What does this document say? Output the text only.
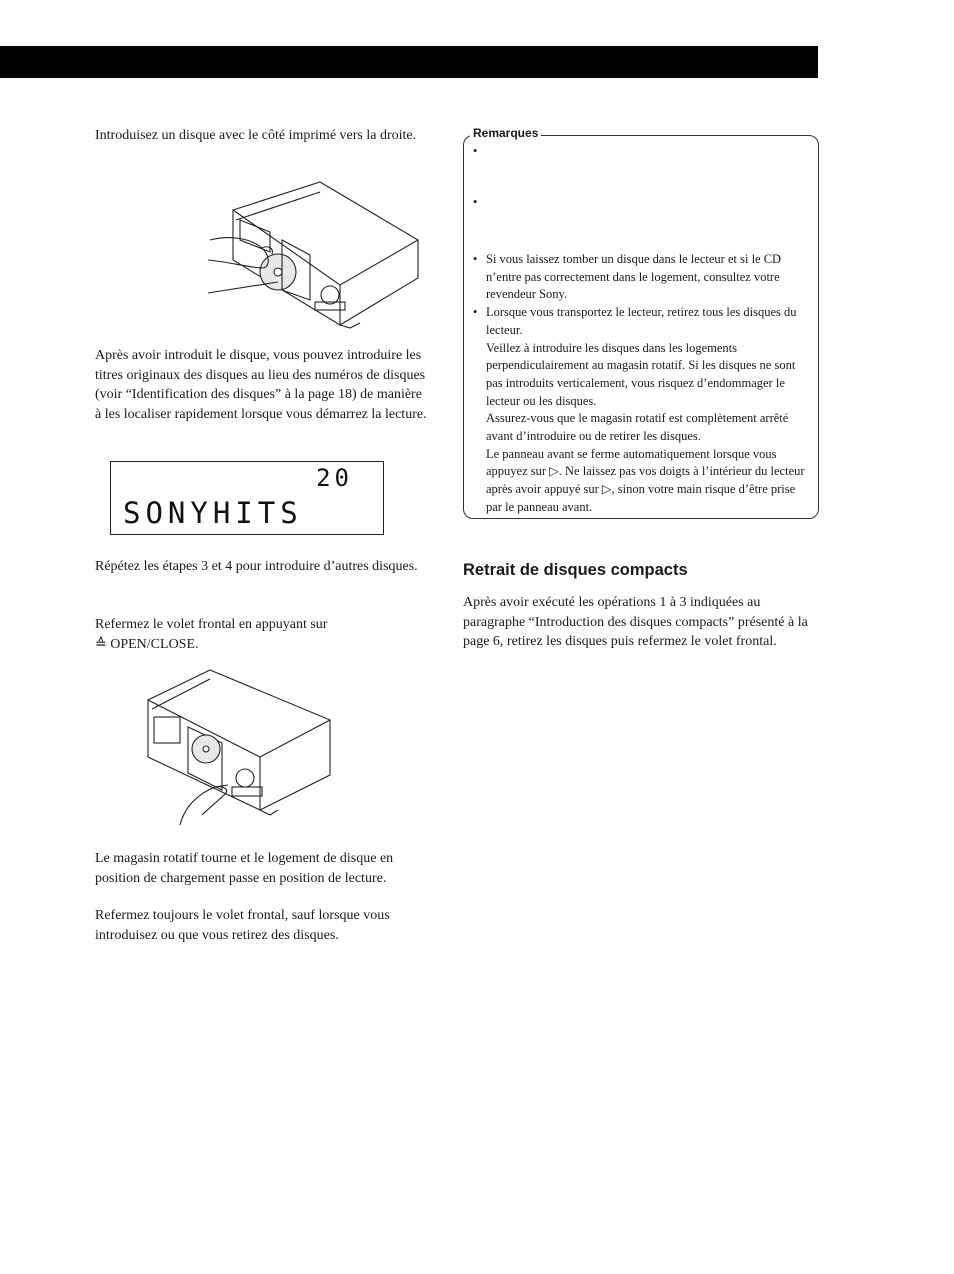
Introduisez un disque avec le côté imprimé vers la droite.

Après avoir introduit le disque, vous pouvez introduire les titres originaux des disques au lieu des numéros de disques (voir “Identification des disques” à la page 18) de manière à les localiser rapidement lorsque vous démarrez la lecture.

20
SONYHITS

Répétez les étapes 3 et 4 pour introduire d’autres disques.

Refermez le volet frontal en appuyant sur
≙ OPEN/CLOSE.

Le magasin rotatif tourne et le logement de disque en position de chargement passe en position de lecture.

Refermez toujours le volet frontal, sauf lorsque vous introduisez ou que vous retirez des disques.

Remarques
•
•
• Si vous laissez tomber un disque dans le lecteur et si le CD n’entre pas correctement dans le logement, consultez votre revendeur Sony.
• Lorsque vous transportez le lecteur, retirez tous les disques du lecteur.
Veillez à introduire les disques dans les logements perpendiculairement au magasin rotatif. Si les disques ne sont pas introduits verticalement, vous risquez d’endommager le lecteur ou les disques.
Assurez-vous que le magasin rotatif est complètement arrêté avant d’introduire ou de retirer les disques.
Le panneau avant se ferme automatiquement lorsque vous appuyez sur ▷. Ne laissez pas vos doigts à l’intérieur du lecteur après avoir appuyé sur ▷, sinon votre main risque d’être prise par le panneau avant.
Retrait de disques compacts

Après avoir exécuté les opérations 1 à 3 indiquées au paragraphe “Introduction des disques compacts” présenté à la page 6, retirez les disques puis refermez le volet frontal.
